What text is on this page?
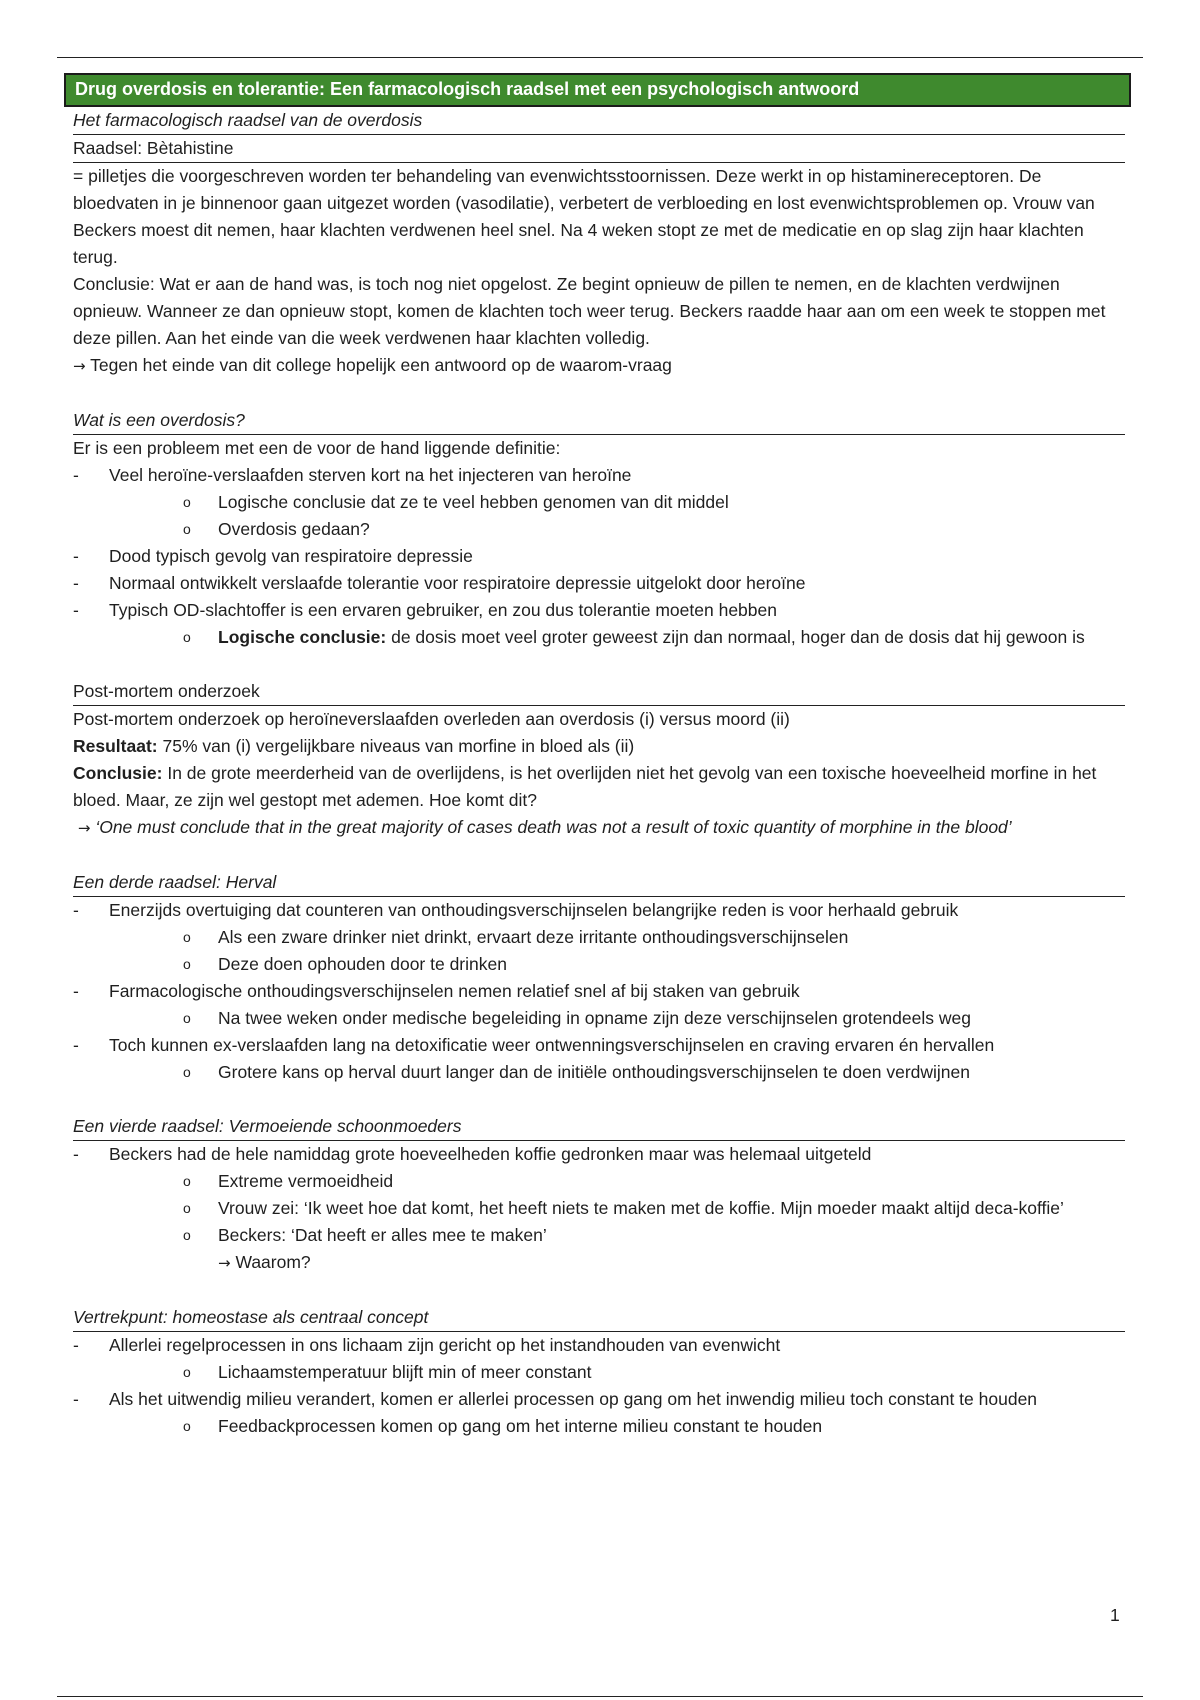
Drug overdosis en tolerantie: Een farmacologisch raadsel met een psychologisch antwoord
Het farmacologisch raadsel van de overdosis
Raadsel: Bètahistine

= pilletjes die voorgeschreven worden ter behandeling van evenwichtsstoornissen. Deze werkt in op histaminereceptoren. De bloedvaten in je binnenoor gaan uitgezet worden (vasodilatie), verbetert de verbloeding en lost evenwichtsproblemen op. Vrouw van Beckers moest dit nemen, haar klachten verdwenen heel snel. Na 4 weken stopt ze met de medicatie en op slag zijn haar klachten terug.

Conclusie: Wat er aan de hand was, is toch nog niet opgelost. Ze begint opnieuw de pillen te nemen, en de klachten verdwijnen opnieuw. Wanneer ze dan opnieuw stopt, komen de klachten toch weer terug. Beckers raadde haar aan om een week te stoppen met deze pillen. Aan het einde van die week verdwenen haar klachten volledig.

→ Tegen het einde van dit college hopelijk een antwoord op de waarom-vraag

Wat is een overdosis?

Er is een probleem met een de voor de hand liggende definitie:

- Veel heroïne-verslaafden sterven kort na het injecteren van heroïne
o Logische conclusie dat ze te veel hebben genomen van dit middel
o Overdosis gedaan?
- Dood typisch gevolg van respiratoire depressie
- Normaal ontwikkelt verslaafde tolerantie voor respiratoire depressie uitgelokt door heroïne
- Typisch OD-slachtoffer is een ervaren gebruiker, en zou dus tolerantie moeten hebben
o Logische conclusie: de dosis moet veel groter geweest zijn dan normaal, hoger dan de dosis dat hij gewoon is
Post-mortem onderzoek

Post-mortem onderzoek op heroïneverslaafden overleden aan overdosis (i) versus moord (ii)

Resultaat: 75% van (i) vergelijkbare niveaus van morfine in bloed als (ii)

Conclusie: In de grote meerderheid van de overlijdens, is het overlijden niet het gevolg van een toxische hoeveelheid morfine in het bloed. Maar, ze zijn wel gestopt met ademen. Hoe komt dit?

→ ‘One must conclude that in the great majority of cases death was not a result of toxic quantity of morphine in the blood’

Een derde raadsel: Herval
- Enerzijds overtuiging dat counteren van onthoudingsverschijnselen belangrijke reden is voor herhaald gebruik
o Als een zware drinker niet drinkt, ervaart deze irritante onthoudingsverschijnselen
o Deze doen ophouden door te drinken
- Farmacologische onthoudingsverschijnselen nemen relatief snel af bij staken van gebruik
o Na twee weken onder medische begeleiding in opname zijn deze verschijnselen grotendeels weg
- Toch kunnen ex-verslaafden lang na detoxificatie weer ontwenningsverschijnselen en craving ervaren én hervallen
o Grotere kans op herval duurt langer dan de initiële onthoudingsverschijnselen te doen verdwijnen
Een vierde raadsel: Vermoeiende schoonmoeders
- Beckers had de hele namiddag grote hoeveelheden koffie gedronken maar was helemaal uitgeteld
o Extreme vermoeidheid
o Vrouw zei: ‘Ik weet hoe dat komt, het heeft niets te maken met de koffie. Mijn moeder maakt altijd deca-koffie’
o Beckers: ‘Dat heeft er alles mee te maken’
→ Waarom?
Vertrekpunt: homeostase als centraal concept
- Allerlei regelprocessen in ons lichaam zijn gericht op het instandhouden van evenwicht
o Lichaamstemperatuur blijft min of meer constant
- Als het uitwendig milieu verandert, komen er allerlei processen op gang om het inwendig milieu toch constant te houden
o Feedbackprocessen komen op gang om het interne milieu constant te houden
1
